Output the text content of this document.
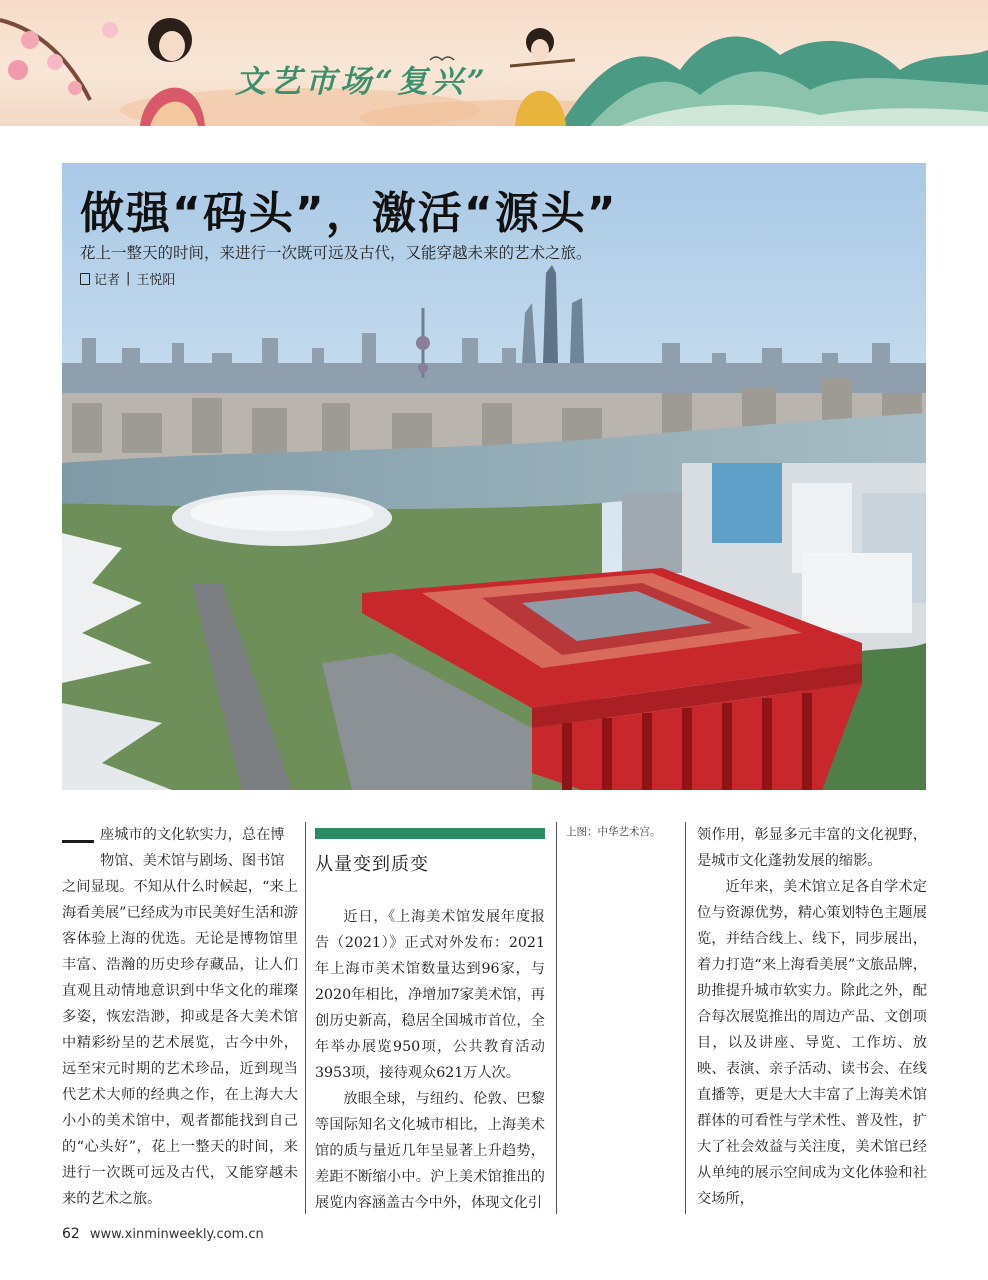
文艺市场“复兴”
做强“码头”，激活“源头”
花上一整天的时间，来进行一次既可远及古代，又能穿越未来的艺术之旅。
记者 | 王悦阳

座城市的文化软实力，总在博
物馆、美术馆与剧场、图书馆
之间显现。不知从什么时候起，“来上海看美展”已经成为市民美好生活和游客体验上海的优选。无论是博物馆里丰富、浩瀚的历史珍存藏品，让人们直观且动情地意识到中华文化的璀璨多姿，恢宏浩渺，抑或是各大美术馆中精彩纷呈的艺术展览，古今中外，远至宋元时期的艺术珍品，近到现当代艺术大师的经典之作，在上海大大小小的美术馆中，观者都能找到自己的“心头好”，花上一整天的时间，来进行一次既可远及古代，又能穿越未来的艺术之旅。

从量变到质变

近日，《上海美术馆发展年度报告（2021）》正式对外发布：2021年上海市美术馆数量达到96家，与2020年相比，净增加7家美术馆，再创历史新高，稳居全国城市首位，全年举办展览950项，公共教育活动3953项，接待观众621万人次。

放眼全球，与纽约、伦敦、巴黎等国际知名文化城市相比，上海美术馆的质与量近几年呈显著上升趋势，差距不断缩小中。沪上美术馆推出的展览内容涵盖古今中外，体现文化引

上图：中华艺术宫。	领作用，彰显多元丰富的文化视野，是城市文化蓬勃发展的缩影。

近年来，美术馆立足各自学术定位与资源优势，精心策划特色主题展览，并结合线上、线下，同步展出，着力打造“来上海看美展”文旅品牌，助推提升城市软实力。除此之外，配合每次展览推出的周边产品、文创项目，以及讲座、导览、工作坊、放映、表演、亲子活动、读书会、在线直播等，更是大大丰富了上海美术馆群体的可看性与学术性、普及性，扩大了社会效益与关注度，美术馆已经从单纯的展示空间成为文化体验和社交场所，

62 www.xinminweekly.com.cn
